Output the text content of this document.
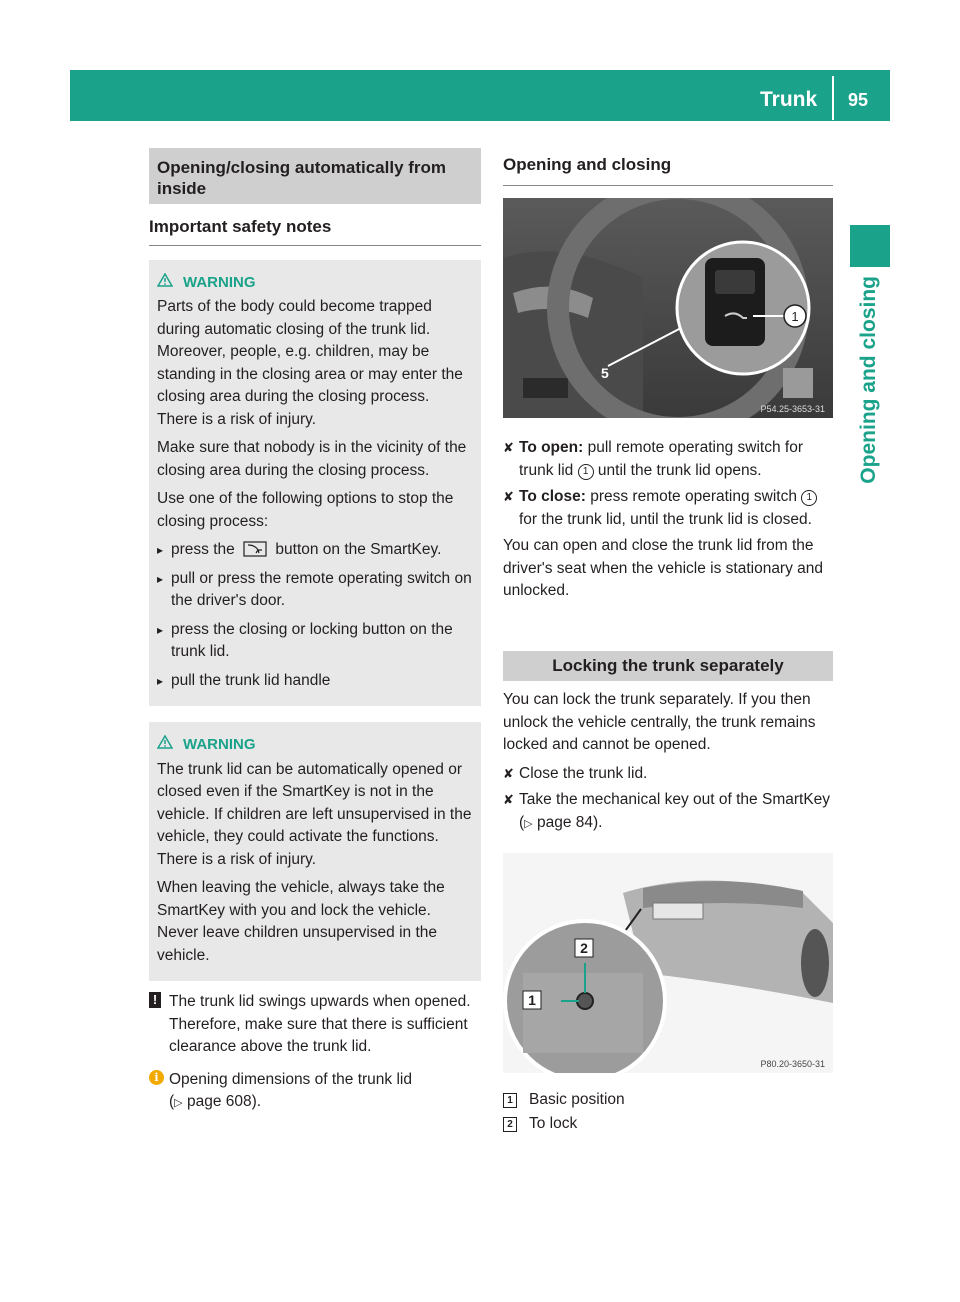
Trunk 95
Opening and closing
Opening/closing automatically from inside
Important safety notes
WARNING

Parts of the body could become trapped during automatic closing of the trunk lid. Moreover, people, e.g. children, may be standing in the closing area or may enter the closing area during the closing process. There is a risk of injury.

Make sure that nobody is in the vicinity of the closing area during the closing process.

Use one of the following options to stop the closing process:

▸ press the	button on the SmartKey.
▸ pull or press the remote operating switch on the driver's door.
▸ press the closing or locking button on the trunk lid.
▸ pull the trunk lid handle
WARNING

The trunk lid can be automatically opened or closed even if the SmartKey is not in the vehicle. If children are left unsupervised in the vehicle, they could activate the functions. There is a risk of injury.

When leaving the vehicle, always take the SmartKey with you and lock the vehicle. Never leave children unsupervised in the vehicle.

! The trunk lid swings upwards when opened. Therefore, make sure that there is sufficient clearance above the trunk lid.
i Opening dimensions of the trunk lid
(▷ page 608).
Opening and closing
1
5
P54.25-3653-31
✘ To open: pull remote operating switch for trunk lid 1 until the trunk lid opens.
✘ To close: press remote operating switch 1 for the trunk lid, until the trunk lid is closed.

You can open and close the trunk lid from the driver's seat when the vehicle is stationary and unlocked.

Locking the trunk separately

You can lock the trunk separately. If you then unlock the vehicle centrally, the trunk remains locked and cannot be opened.

✘ Close the trunk lid.
✘ Take the mechanical key out of the SmartKey (▷ page 84).
1
2
P80.20-3650-31

1 Basic position

2 To lock
